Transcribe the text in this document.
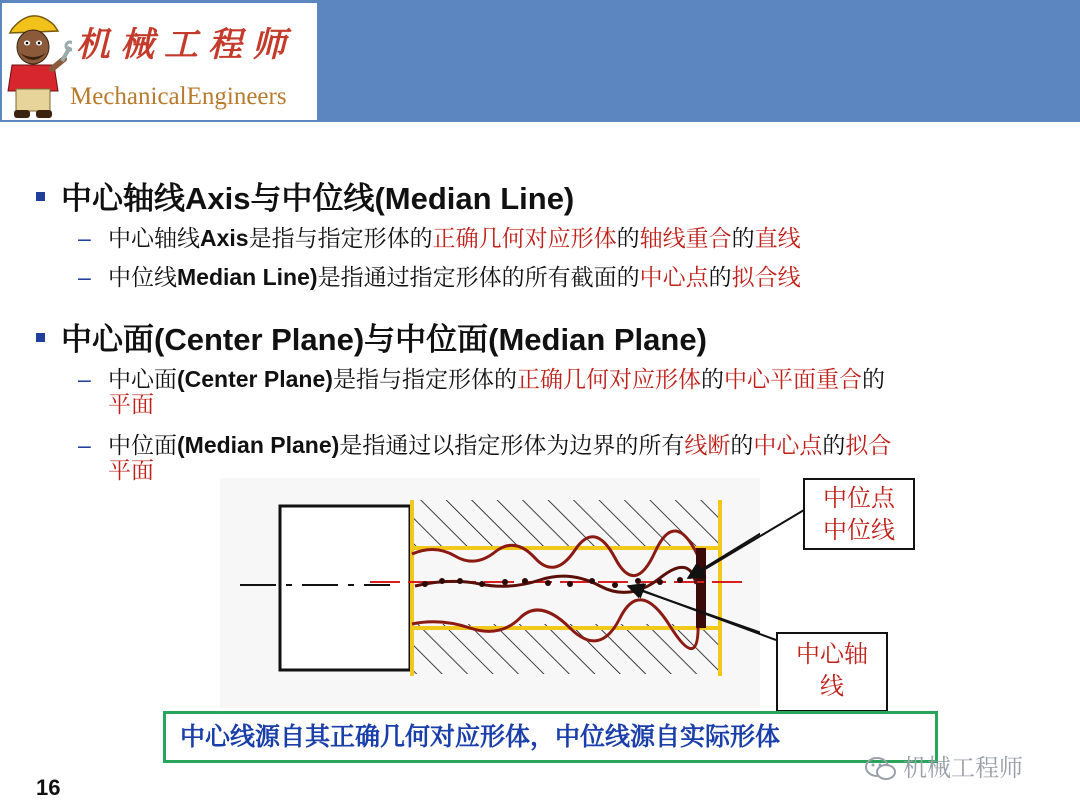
机械工程师
MechanicalEngineers
中心轴线Axis与中位线(Median Line)
– 中心轴线Axis是指与指定形体的正确几何对应形体的轴线重合的直线
– 中位线Median Line)是指通过指定形体的所有截面的中心点的拟合线
中心面(Center Plane)与中位面(Median Plane)
– 中心面(Center Plane)是指与指定形体的正确几何对应形体的中心平面重合的
平面
– 中位面(Median Plane)是指通过以指定形体为边界的所有线断的中心点的拟合
平面
中位点
中位线
中心轴
线
中心线源自其正确几何对应形体，中位线源自实际形体
16
机械工程师
